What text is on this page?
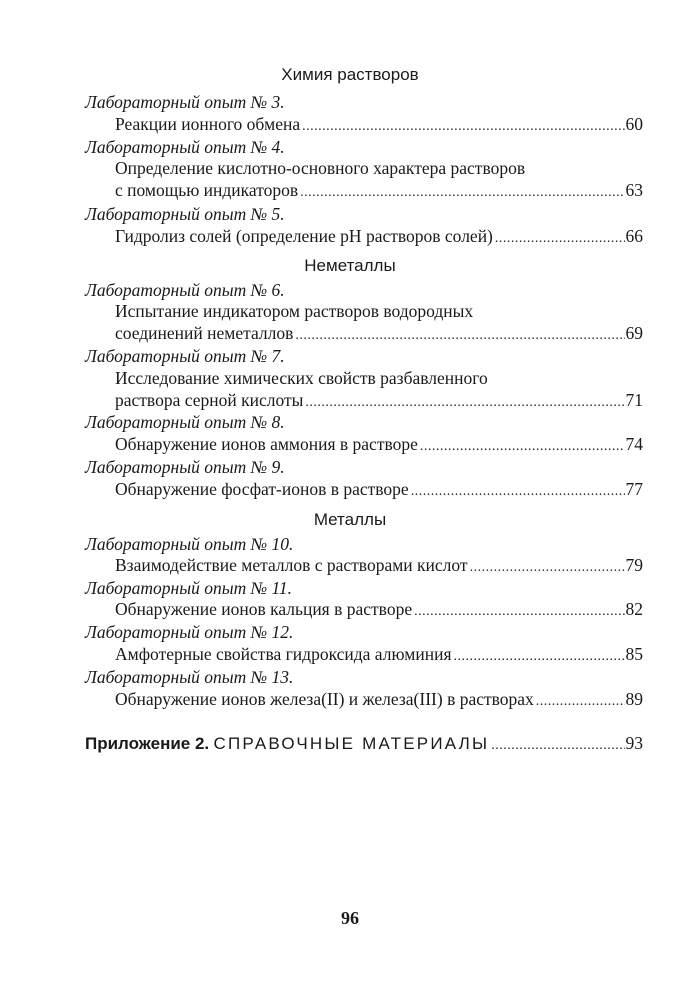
Химия растворов
Лабораторный опыт № 3.
Реакции ионного обмена .....	60
Лабораторный опыт № 4.
Определение кислотно-основного характера растворов
с помощью индикаторов .....	63
Лабораторный опыт № 5.
Гидролиз солей (определение pH растворов солей) .....	66
Неметаллы
Лабораторный опыт № 6.
Испытание индикатором растворов водородных
соединений неметаллов .....	69
Лабораторный опыт № 7.
Исследование химических свойств разбавленного
раствора серной кислоты .....	71
Лабораторный опыт № 8.
Обнаружение ионов аммония в растворе .....	74
Лабораторный опыт № 9.
Обнаружение фосфат-ионов в растворе .....	77
Металлы
Лабораторный опыт № 10.
Взаимодействие металлов с растворами кислот .....	79
Лабораторный опыт № 11.
Обнаружение ионов кальция в растворе .....	82
Лабораторный опыт № 12.
Амфотерные свойства гидроксида алюминия .....	85
Лабораторный опыт № 13.
Обнаружение ионов железа(II) и железа(III) в растворах .....	89
Приложение 2. СПРАВОЧНЫЕ МАТЕРИАЛЫ .....	93
96
